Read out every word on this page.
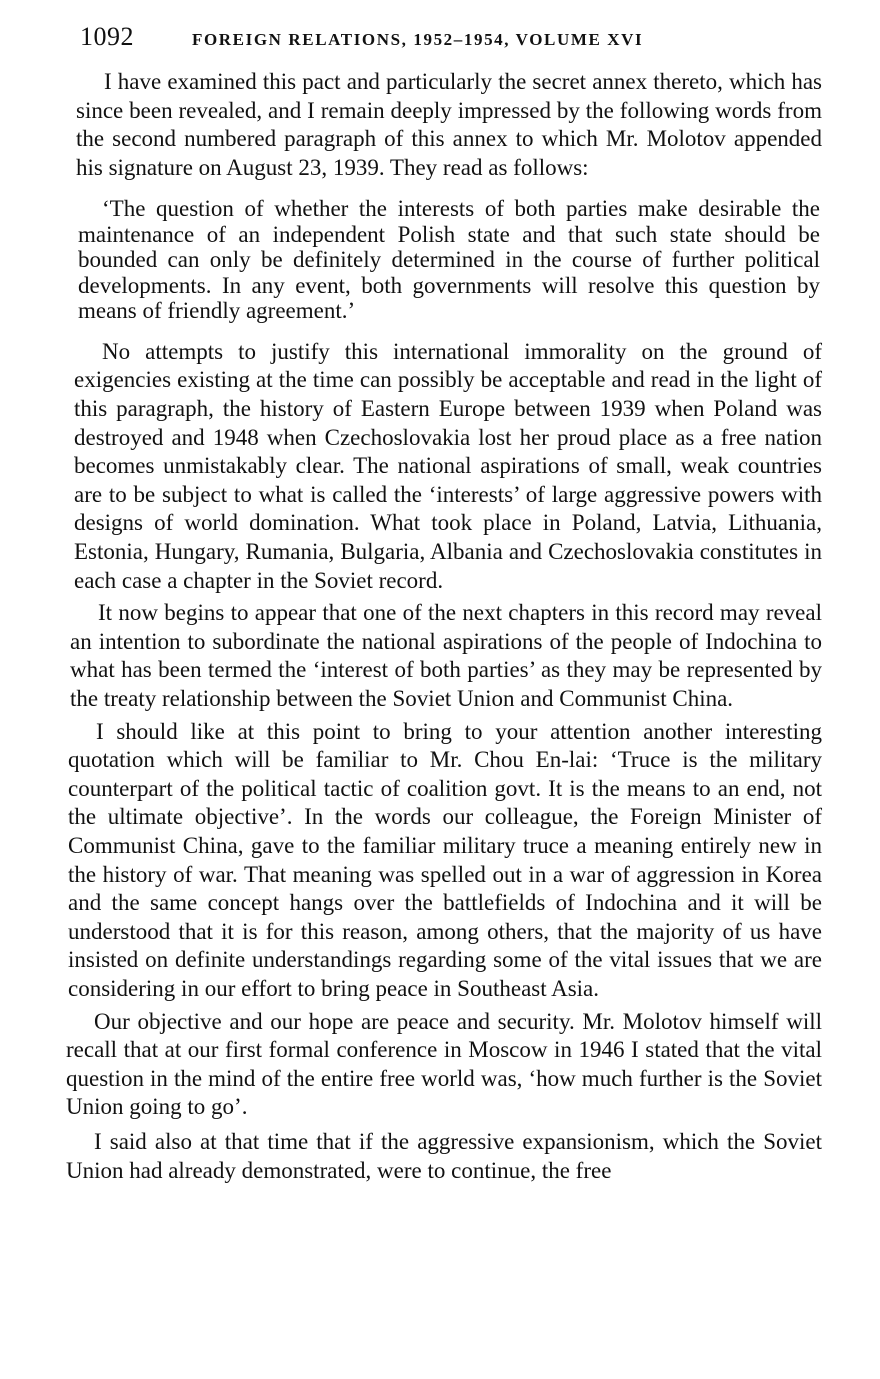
1092	FOREIGN RELATIONS, 1952–1954, VOLUME XVI

I have examined this pact and particularly the secret annex thereto, which has since been revealed, and I remain deeply impressed by the following words from the second numbered paragraph of this annex to which Mr. Molotov appended his signature on August 23, 1939. They read as follows:

‘The question of whether the interests of both parties make desirable the maintenance of an independent Polish state and that such state should be bounded can only be definitely determined in the course of further political developments. In any event, both governments will resolve this question by means of friendly agreement.’

No attempts to justify this international immorality on the ground of exigencies existing at the time can possibly be acceptable and read in the light of this paragraph, the history of Eastern Europe between 1939 when Poland was destroyed and 1948 when Czechoslovakia lost her proud place as a free nation becomes unmistakably clear. The national aspirations of small, weak countries are to be subject to what is called the ‘interests’ of large aggressive powers with designs of world domination. What took place in Poland, Latvia, Lithuania, Estonia, Hungary, Rumania, Bulgaria, Albania and Czechoslovakia constitutes in each case a chapter in the Soviet record.

It now begins to appear that one of the next chapters in this record may reveal an intention to subordinate the national aspirations of the people of Indochina to what has been termed the ‘interest of both parties’ as they may be represented by the treaty relationship between the Soviet Union and Communist China.

I should like at this point to bring to your attention another interesting quotation which will be familiar to Mr. Chou En-lai: ‘Truce is the military counterpart of the political tactic of coalition govt. It is the means to an end, not the ultimate objective’. In the words our colleague, the Foreign Minister of Communist China, gave to the familiar military truce a meaning entirely new in the history of war. That meaning was spelled out in a war of aggression in Korea and the same concept hangs over the battlefields of Indochina and it will be understood that it is for this reason, among others, that the majority of us have insisted on definite understandings regarding some of the vital issues that we are considering in our effort to bring peace in Southeast Asia.

Our objective and our hope are peace and security. Mr. Molotov himself will recall that at our first formal conference in Moscow in 1946 I stated that the vital question in the mind of the entire free world was, ‘how much further is the Soviet Union going to go’.

I said also at that time that if the aggressive expansionism, which the Soviet Union had already demonstrated, were to continue, the free
